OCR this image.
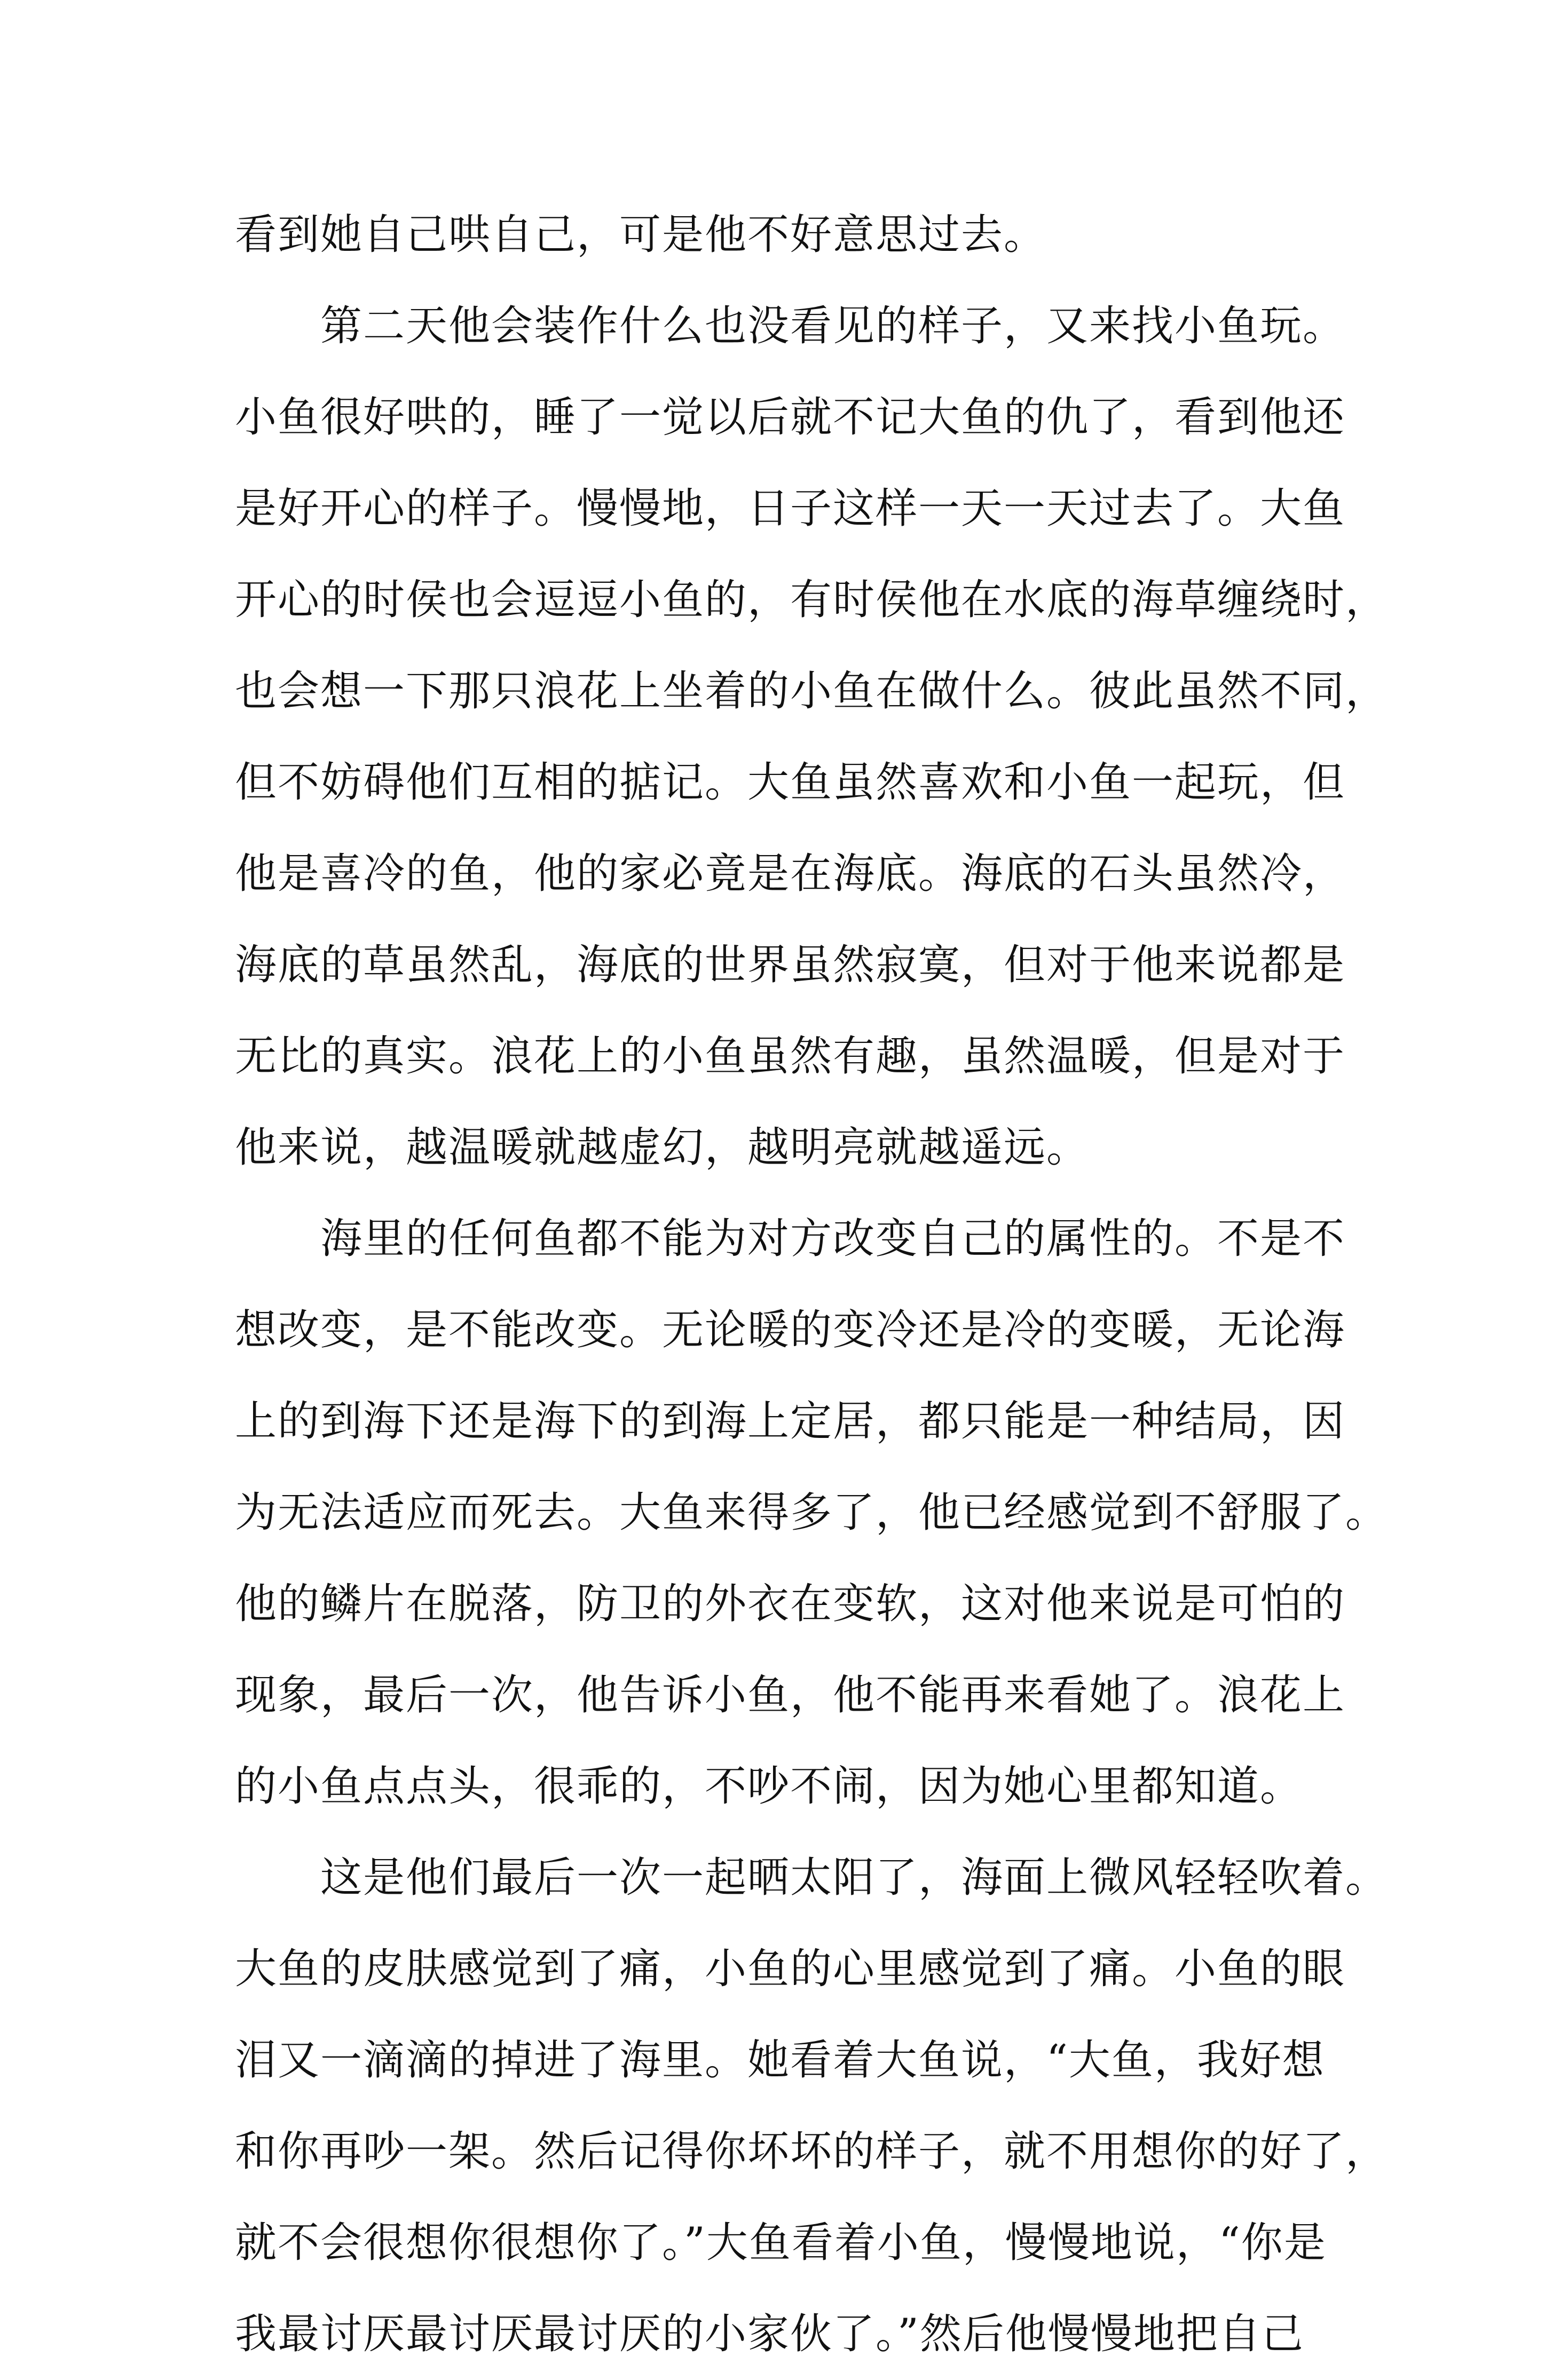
看到她自己哄自己，可是他不好意思过去。
第二天他会装作什么也没看见的样子，又来找小鱼玩。
小鱼很好哄的，睡了一觉以后就不记大鱼的仇了，看到他还
是好开心的样子。慢慢地，日子这样一天一天过去了。大鱼
开心的时侯也会逗逗小鱼的，有时侯他在水底的海草缠绕时，
也会想一下那只浪花上坐着的小鱼在做什么。彼此虽然不同，
但不妨碍他们互相的掂记。大鱼虽然喜欢和小鱼一起玩，但
他是喜冷的鱼，他的家必竟是在海底。海底的石头虽然冷，
海底的草虽然乱，海底的世界虽然寂寞，但对于他来说都是
无比的真实。浪花上的小鱼虽然有趣，虽然温暖，但是对于
他来说，越温暖就越虚幻，越明亮就越遥远。
海里的任何鱼都不能为对方改变自己的属性的。不是不
想改变，是不能改变。无论暖的变冷还是冷的变暖，无论海
上的到海下还是海下的到海上定居，都只能是一种结局，因
为无法适应而死去。大鱼来得多了，他已经感觉到不舒服了。
他的鳞片在脱落，防卫的外衣在变软，这对他来说是可怕的
现象，最后一次，他告诉小鱼，他不能再来看她了。浪花上
的小鱼点点头，很乖的，不吵不闹，因为她心里都知道。
这是他们最后一次一起晒太阳了，海面上微风轻轻吹着。
大鱼的皮肤感觉到了痛，小鱼的心里感觉到了痛。小鱼的眼
泪又一滴滴的掉进了海里。她看着大鱼说，“大鱼，我好想
和你再吵一架。然后记得你坏坏的样子，就不用想你的好了，
就不会很想你很想你了。”大鱼看着小鱼，慢慢地说，“你是
我最讨厌最讨厌最讨厌的小家伙了。”然后他慢慢地把自己
